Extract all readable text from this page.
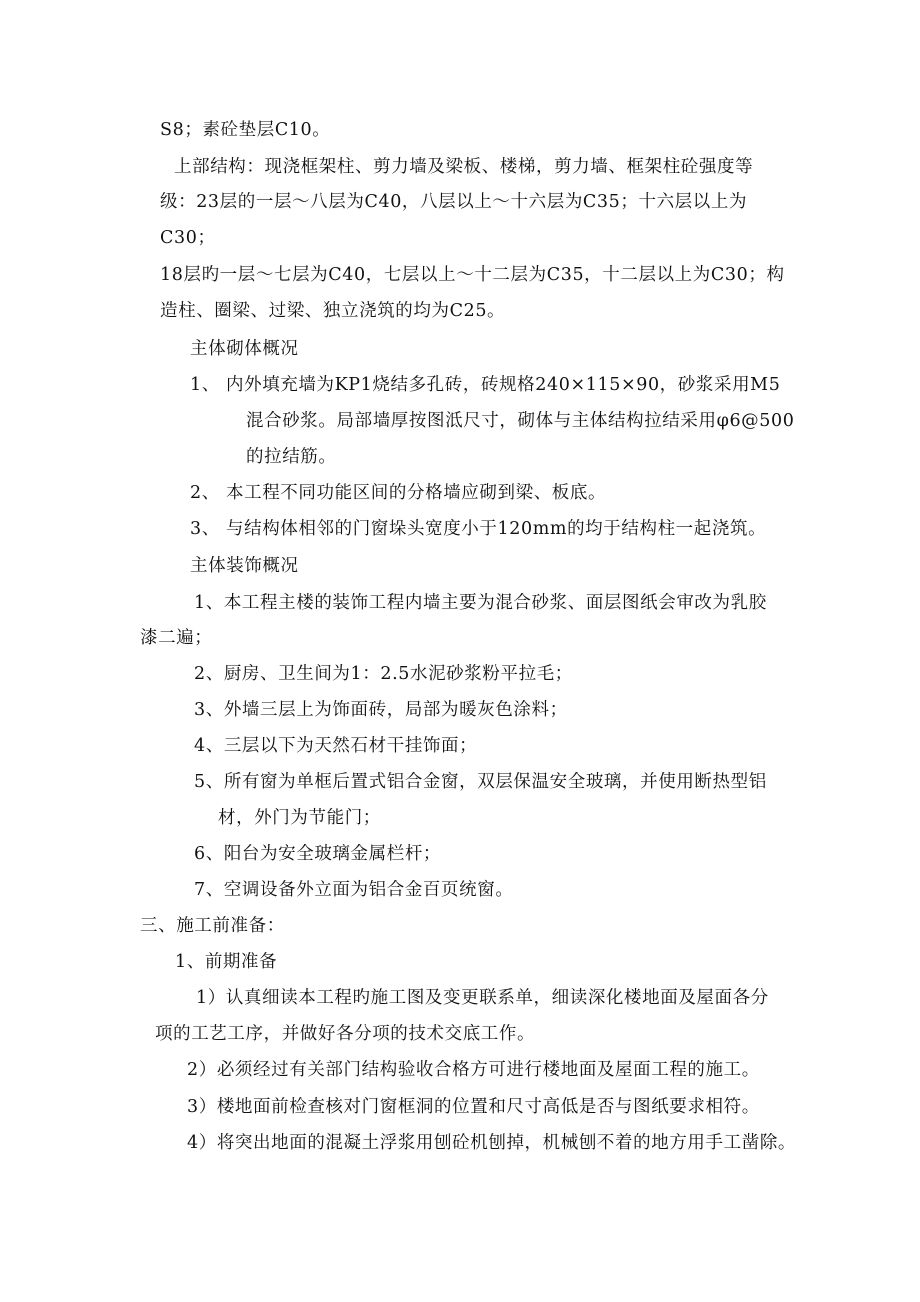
S8；素砼垫层C10。
上部结构：现浇框架柱、剪力墙及梁板、楼梯，剪力墙、框架柱砼强度等
级：23层的一层～八层为C40，八层以上～十六层为C35；十六层以上为
C30；
18层旳一层～七层为C40，七层以上～十二层为C35，十二层以上为C30；构
造柱、圈梁、过梁、独立浇筑的均为C25。
主体砌体概况
1、 内外填充墙为KP1烧结多孔砖，砖规格240×115×90，砂浆采用M5
混合砂浆。局部墙厚按图泜尺寸，砌体与主体结构拉结采用φ6@500
的拉结筋。
2、 本工程不同功能区间的分格墙应砌到梁、板底。
3、 与结构体相邻的门窗垛头宽度小于120mm的均于结构柱一起浇筑。
主体装饰概况
1、本工程主楼的装饰工程内墙主要为混合砂浆、面层图纸会审改为乳胶
漆二遍；
2、厨房、卫生间为1：2.5水泥砂浆粉平拉毛；
3、外墙三层上为饰面砖，局部为暖灰色涂料；
4、三层以下为天然石材干挂饰面；
5、所有窗为单框后置式铝合金窗，双层保温安全玻璃，并使用断热型铝
材，外门为节能门；
6、阳台为安全玻璃金属栏杆；
7、空调设备外立面为铝合金百页统窗。
三、施工前准备：
1、前期准备
1）认真细读本工程旳施工图及变更联系单，细读深化楼地面及屋面各分
项的工艺工序，并做好各分项的技术交底工作。
2）必须经过有关部门结构验收合格方可进行楼地面及屋面工程的施工。
3）楼地面前检查核对门窗框洞的位置和尺寸高低是否与图纸要求相符。
4）将突出地面的混凝土浮浆用刨砼机刨掉，机械刨不着的地方用手工凿除。
